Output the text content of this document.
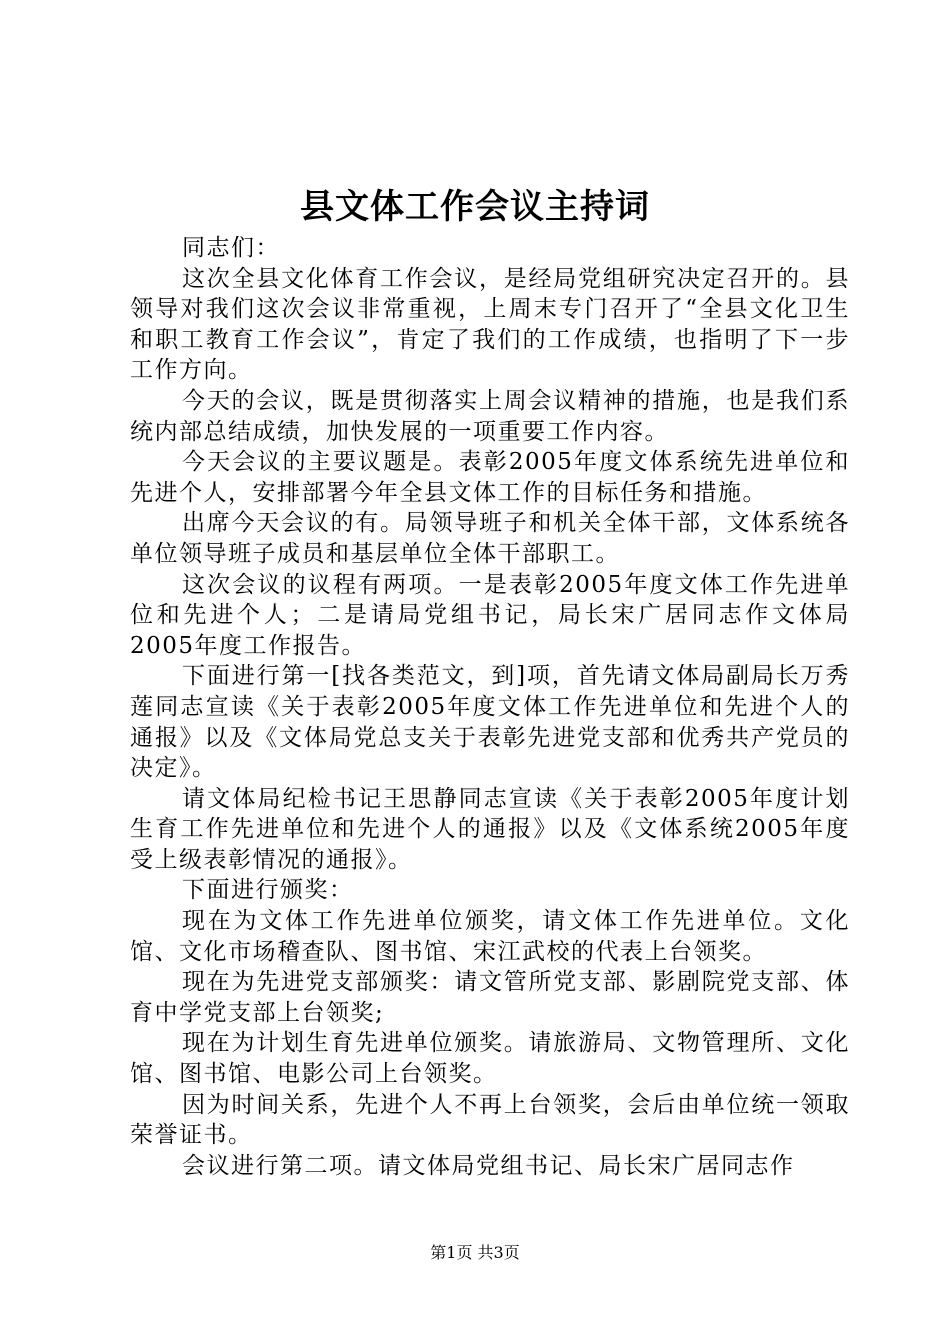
县文体工作会议主持词

同志们：

这次全县文化体育工作会议，是经局党组研究决定召开的。县领导对我们这次会议非常重视，上周末专门召开了“全县文化卫生和职工教育工作会议”，肯定了我们的工作成绩，也指明了下一步工作方向。

今天的会议，既是贯彻落实上周会议精神的措施，也是我们系统内部总结成绩，加快发展的一项重要工作内容。

今天会议的主要议题是。表彰2005年度文体系统先进单位和先进个人，安排部署今年全县文体工作的目标任务和措施。

出席今天会议的有。局领导班子和机关全体干部，文体系统各单位领导班子成员和基层单位全体干部职工。

这次会议的议程有两项。一是表彰2005年度文体工作先进单位和先进个人；二是请局党组书记，局长宋广居同志作文体局2005年度工作报告。

下面进行第一[找各类范文，到]项，首先请文体局副局长万秀莲同志宣读《关于表彰2005年度文体工作先进单位和先进个人的通报》以及《文体局党总支关于表彰先进党支部和优秀共产党员的决定》。

请文体局纪检书记王思静同志宣读《关于表彰2005年度计划生育工作先进单位和先进个人的通报》以及《文体系统2005年度受上级表彰情况的通报》。

下面进行颁奖：

现在为文体工作先进单位颁奖，请文体工作先进单位。文化馆、文化市场稽查队、图书馆、宋江武校的代表上台领奖。

现在为先进党支部颁奖：请文管所党支部、影剧院党支部、体育中学党支部上台领奖;

现在为计划生育先进单位颁奖。请旅游局、文物管理所、文化馆、图书馆、电影公司上台领奖。

因为时间关系，先进个人不再上台领奖，会后由单位统一领取荣誉证书。

会议进行第二项。请文体局党组书记、局长宋广居同志作

第1页 共3页
